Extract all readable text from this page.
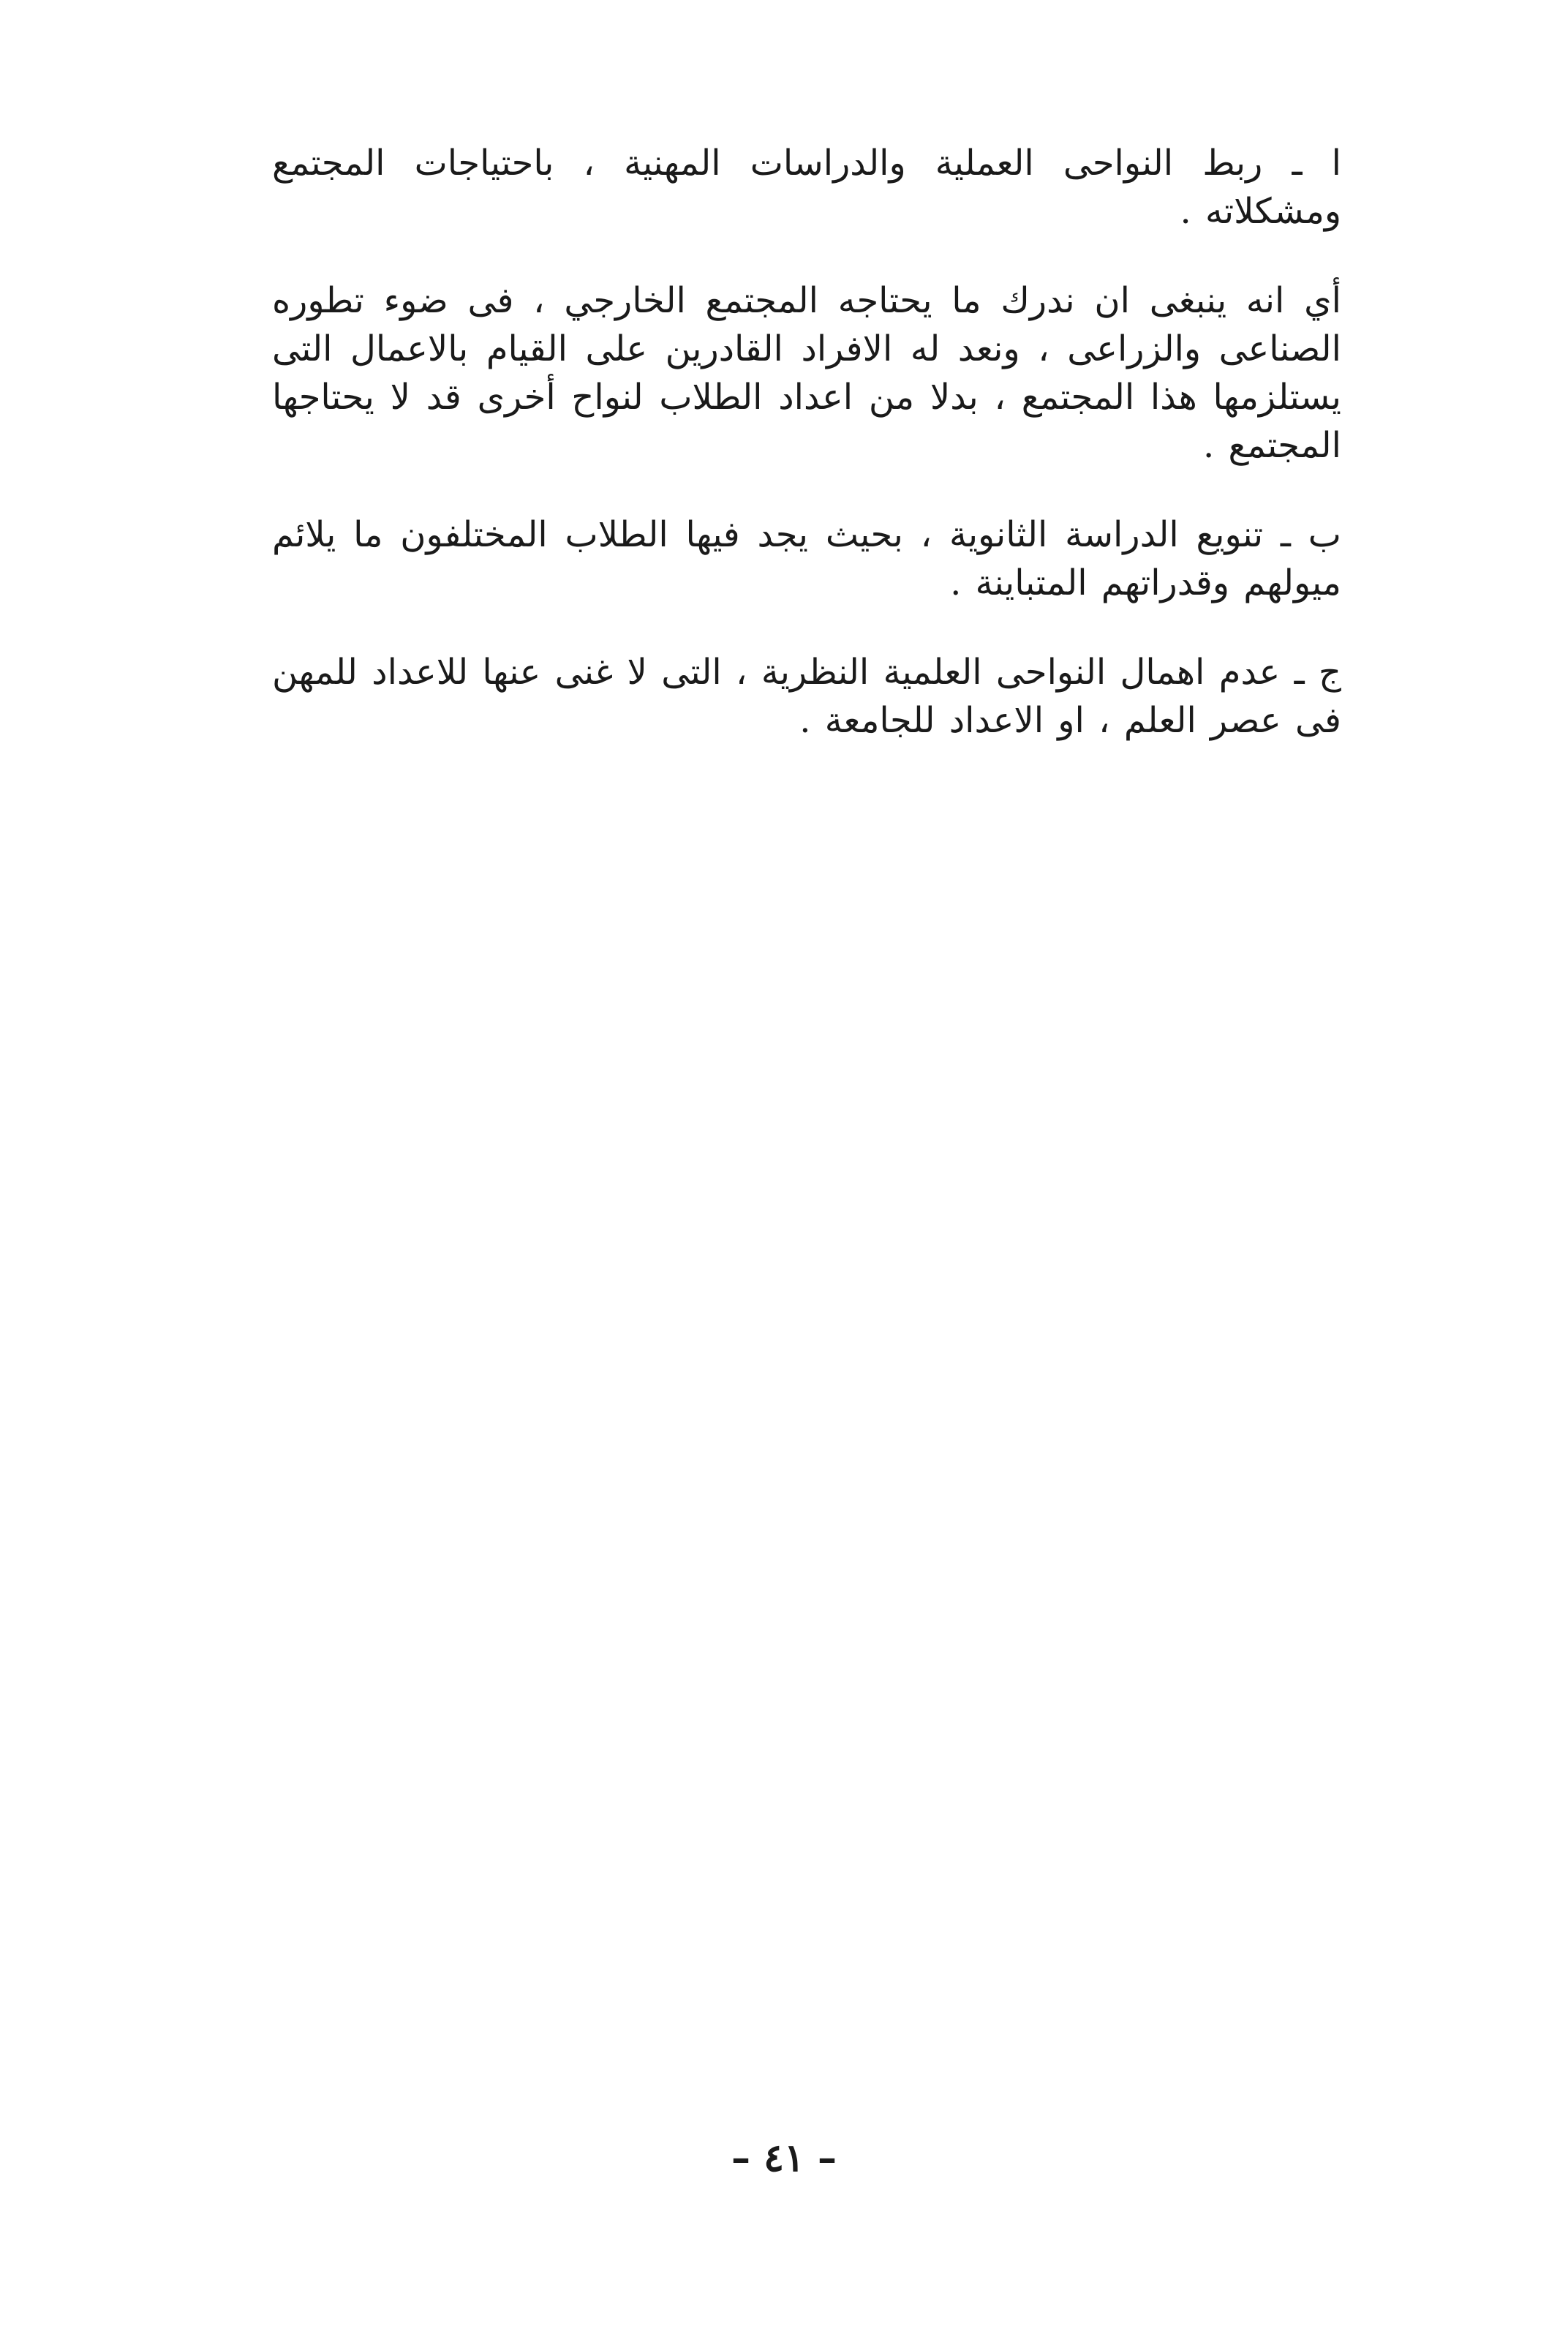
ا ـ ربط النواحى العملية والدراسات المهنية ، باحتياجات المجتمع ومشكلاته .

أي انه ينبغى ان ندرك ما يحتاجه المجتمع الخارجي ، فى ضوء تطوره الصناعى والزراعى ، ونعد له الافراد القادرين على القيام بالاعمال التى يستلزمها هذا المجتمع ، بدلا من اعداد الطلاب لنواح أخرى قد لا يحتاجها المجتمع .

ب ـ تنويع الدراسة الثانوية ، بحيث يجد فيها الطلاب المختلفون ما يلائم ميولهم وقدراتهم المتباينة .

ج ـ عدم اهمال النواحى العلمية النظرية ، التى لا غنى عنها للاعداد للمهن فى عصر العلم ، او الاعداد للجامعة .

– ٤١ –
